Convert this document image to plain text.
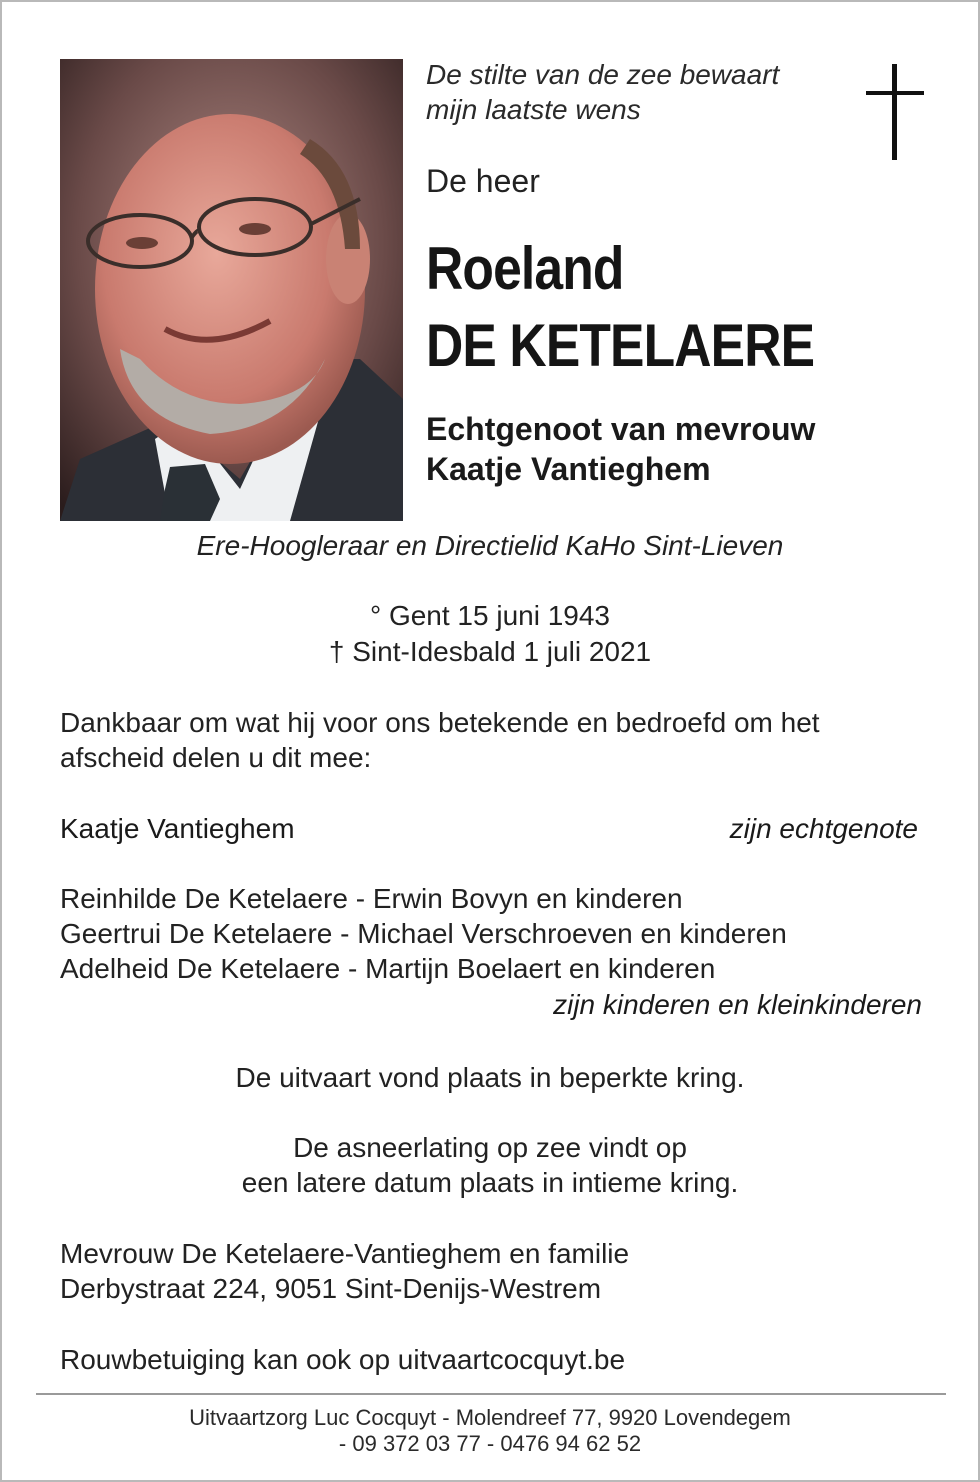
De stilte van de zee bewaart
mijn laatste wens
De heer
Roeland
DE KETELAERE
Echtgenoot van mevrouw
Kaatje Vantieghem
Ere-Hoogleraar en Directielid KaHo Sint-Lieven
° Gent 15 juni 1943
† Sint-Idesbald 1 juli 2021
Dankbaar om wat hij voor ons betekende en bedroefd om het
afscheid delen u dit mee:
Kaatje Vantieghem	zijn echtgenote
Reinhilde De Ketelaere - Erwin Bovyn en kinderen
Geertrui De Ketelaere - Michael Verschroeven en kinderen
Adelheid De Ketelaere - Martijn Boelaert en kinderen
zijn kinderen en kleinkinderen
De uitvaart vond plaats in beperkte kring.
De asneerlating op zee vindt op
een latere datum plaats in intieme kring.
Mevrouw De Ketelaere-Vantieghem en familie
Derbystraat 224, 9051 Sint-Denijs-Westrem
Rouwbetuiging kan ook op uitvaartcocquyt.be
Uitvaartzorg Luc Cocquyt - Molendreef 77, 9920 Lovendegem
- 09 372 03 77 - 0476 94 62 52
